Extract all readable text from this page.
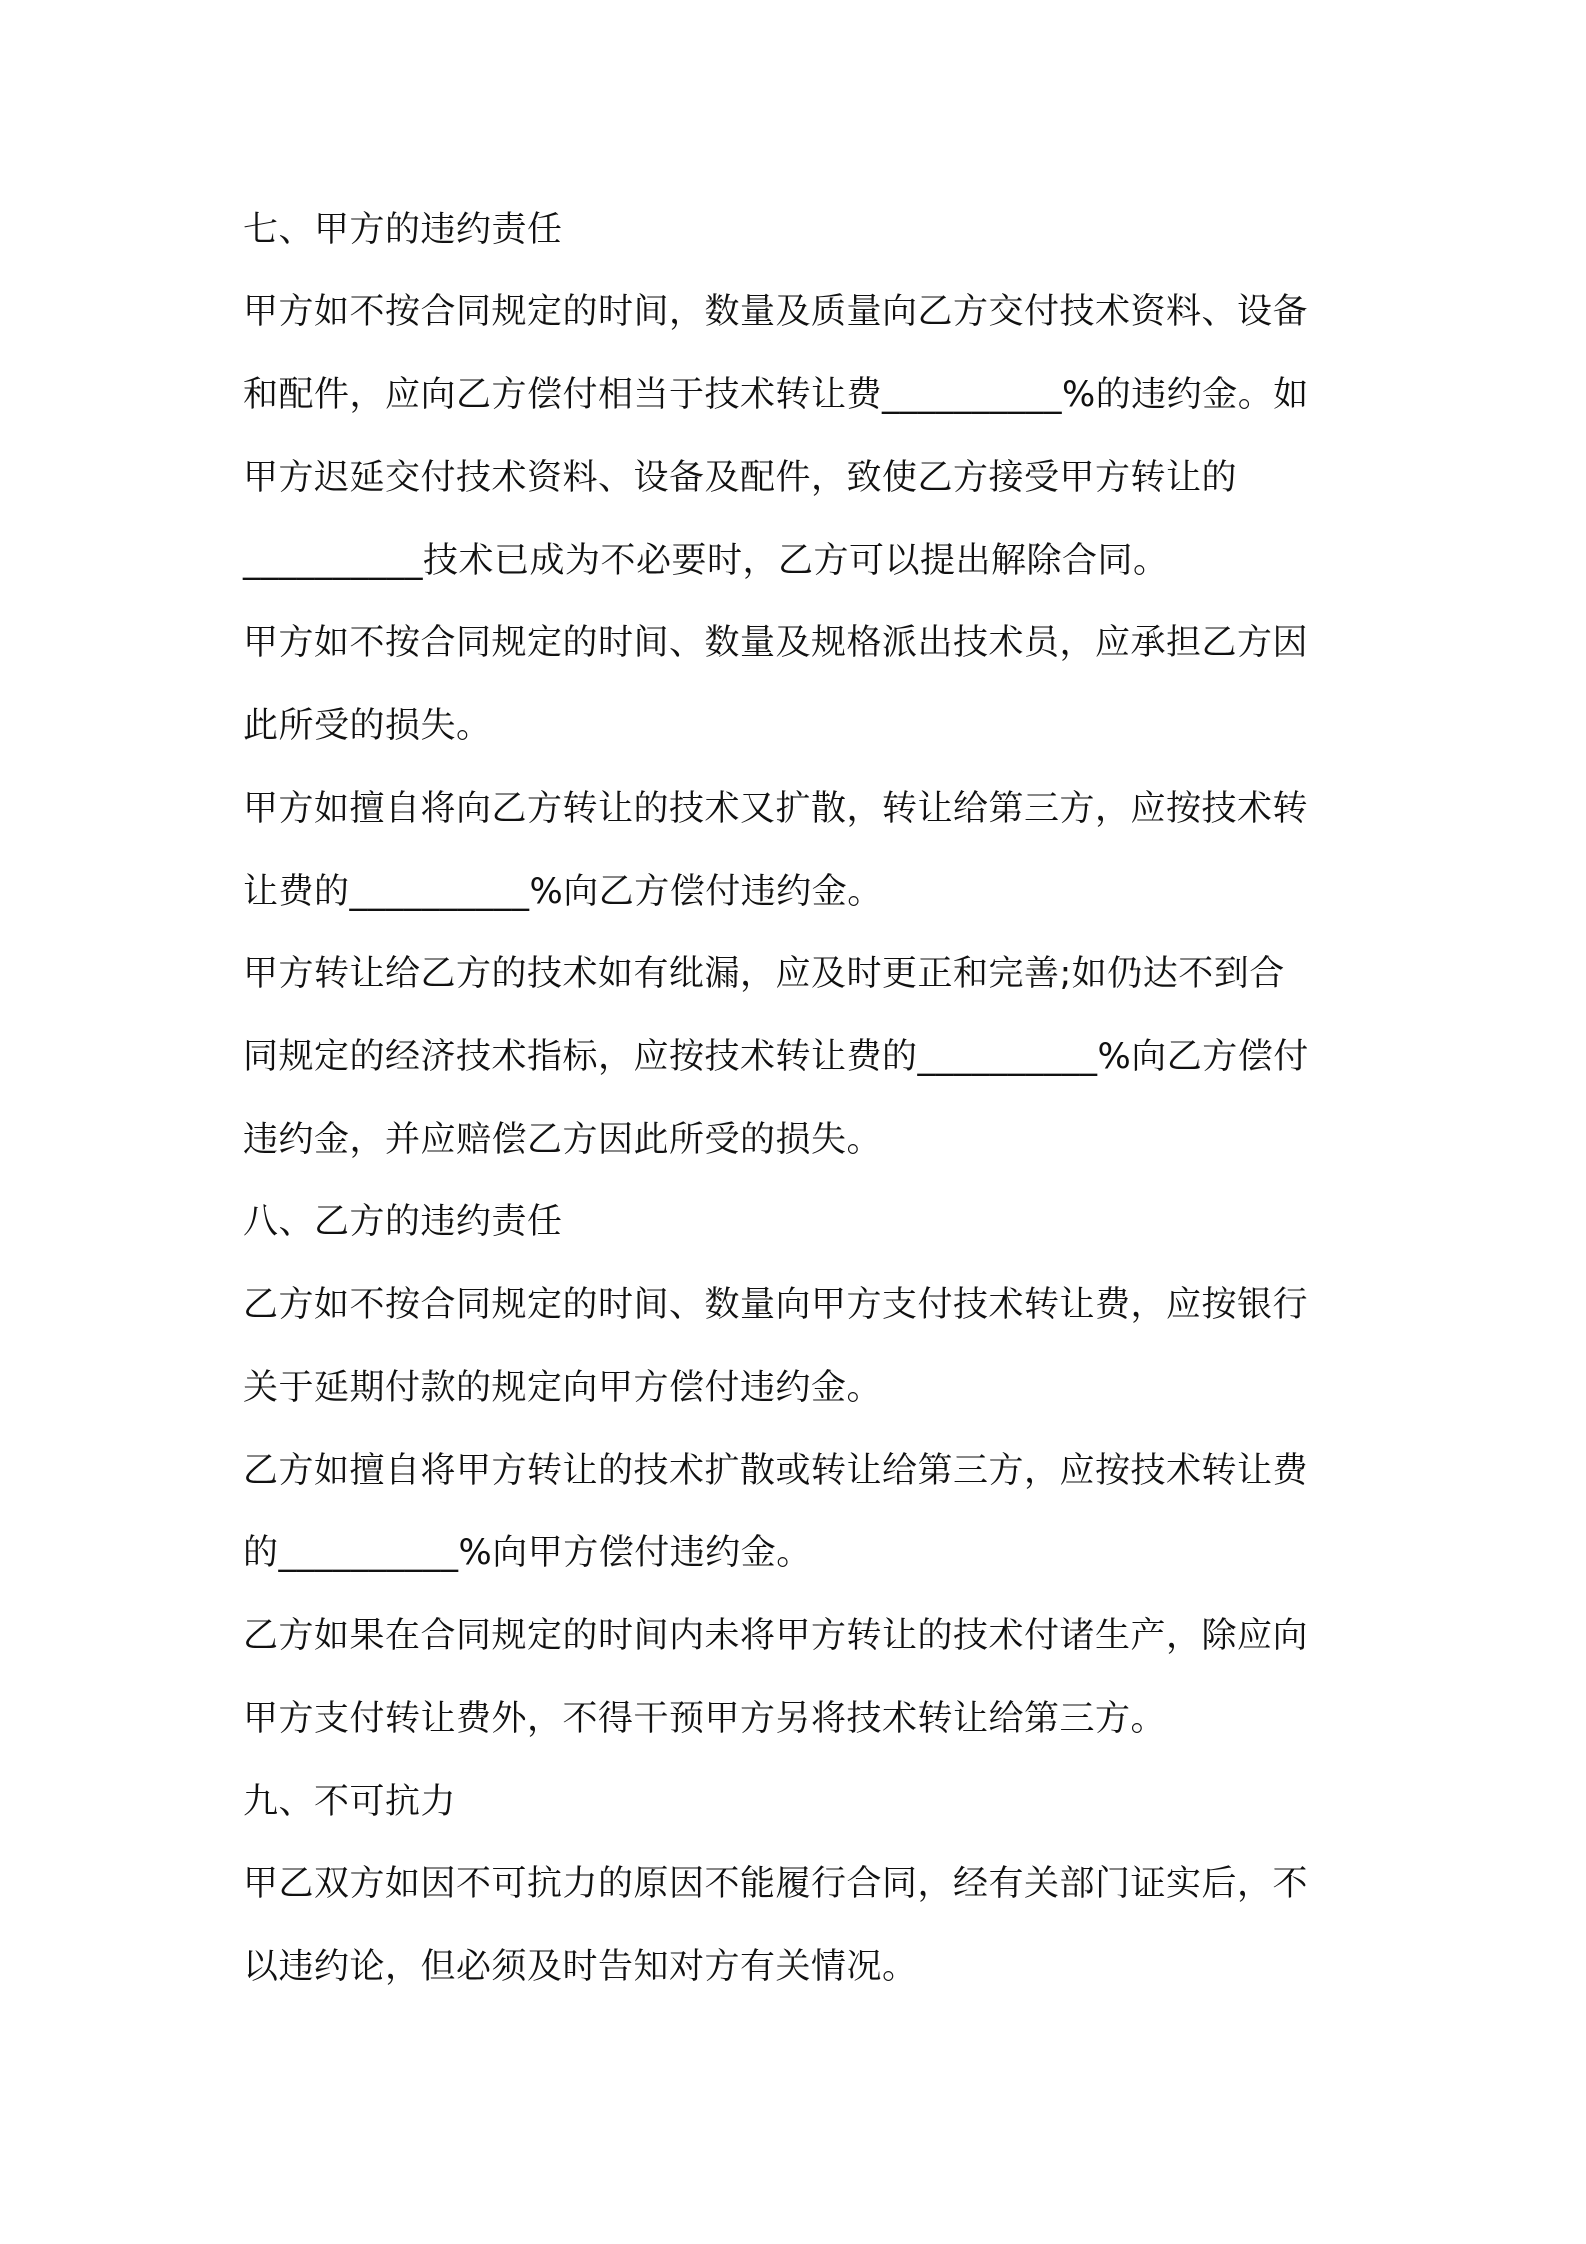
七、甲方的违约责任
甲方如不按合同规定的时间，数量及质量向乙方交付技术资料、设备
和配件，应向乙方偿付相当于技术转让费__________%的违约金。如
甲方迟延交付技术资料、设备及配件，致使乙方接受甲方转让的
__________技术已成为不必要时，乙方可以提出解除合同。
甲方如不按合同规定的时间、数量及规格派出技术员，应承担乙方因
此所受的损失。
甲方如擅自将向乙方转让的技术又扩散，转让给第三方，应按技术转
让费的__________%向乙方偿付违约金。
甲方转让给乙方的技术如有纰漏，应及时更正和完善;如仍达不到合
同规定的经济技术指标，应按技术转让费的__________%向乙方偿付
违约金，并应赔偿乙方因此所受的损失。
八、乙方的违约责任
乙方如不按合同规定的时间、数量向甲方支付技术转让费，应按银行
关于延期付款的规定向甲方偿付违约金。
乙方如擅自将甲方转让的技术扩散或转让给第三方，应按技术转让费
的__________%向甲方偿付违约金。
乙方如果在合同规定的时间内未将甲方转让的技术付诸生产，除应向
甲方支付转让费外，不得干预甲方另将技术转让给第三方。
九、不可抗力
甲乙双方如因不可抗力的原因不能履行合同，经有关部门证实后，不
以违约论，但必须及时告知对方有关情况。
